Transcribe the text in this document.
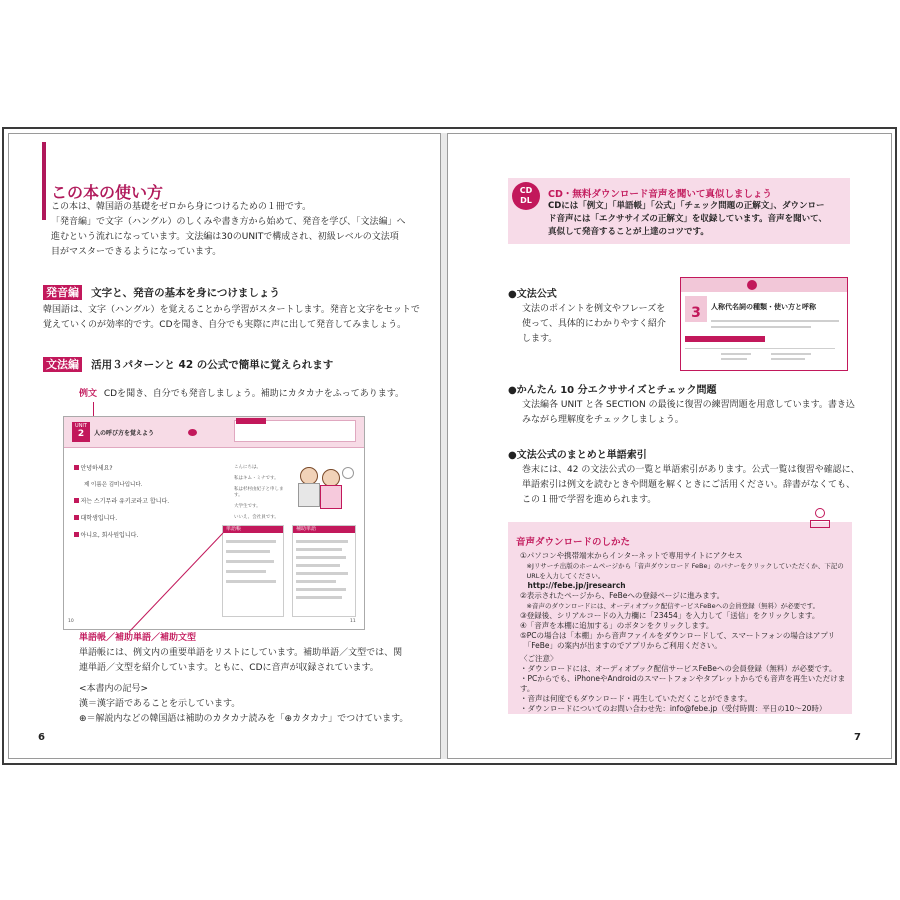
この本の使い方
この本は、韓国語の基礎をゼロから身につけるための１冊です。
「発音編」で文字（ハングル）のしくみや書き方から始めて、発音を学び、「文法編」へ
進むという流れになっています。文法編は30のUNITで構成され、初級レベルの文法項
目がマスターできるようになっています。
発音編 文字と、発音の基本を身につけましょう
韓国語は、文字（ハングル）を覚えることから学習がスタートします。発音と文字をセットで
覚えていくのが効率的です。CDを聞き、自分でも実際に声に出して発音してみましょう。
文法編 活用３パターンと 42 の公式で簡単に覚えられます
例文 CDを聞き、自分でも発音しましょう。補助にカタカナをふってあります。
UNIT
2	人の呼び方を覚えよう
안녕하세요?
제 이름은 김미나입니다.
저는 스기무라 유키코라고 합니다.
대학생입니다.
아니요, 회사원입니다.
こんにちは。
私はキム・ミナです。
私は杉村由紀子と申します。
大学生です。
いいえ、会社員です。
単語帳	補助単語
10	11
単語帳／補助単語／補助文型
単語帳には、例文内の重要単語をリストにしています。補助単語／文型では、関
連単語／文型を紹介しています。ともに、CDに音声が収録されています。
<本書内の記号>
漢＝漢字語であることを示しています。
⊕＝解説内などの韓国語は補助のカタカナ読みを「⊕カタカナ」でつけています。
6
CD
DL
CD・無料ダウンロード音声を聞いて真似しましょう
CDには「例文」「単語帳」「公式」「チェック問題の正解文」、ダウンロー
ド音声には「エクササイズの正解文」を収録しています。音声を聞いて、
真似して発音することが上達のコツです。
●文法公式
文法のポイントを例文やフレーズを
使って、具体的にわかりやすく紹介
します。
3	人称代名詞の種類・使い方と呼称
●かんたん 10 分エクササイズとチェック問題
文法編各 UNIT と各 SECTION の最後に復習の練習問題を用意しています。書き込
みながら理解度をチェックしましょう。
●文法公式のまとめと単語索引
巻末には、42 の文法公式の一覧と単語索引があります。公式一覧は復習や確認に、
単語索引は例文を読むときや問題を解くときにご活用ください。辞書がなくても、
この１冊で学習を進められます。
音声ダウンロードのしかた
①パソコンや携帯端末からインターネットで専用サイトにアクセス
　※Jリサーチ出版のホームページから「音声ダウンロード FeBe」のバナーをクリックしていただくか、下記の
　URLを入力してください。
　http://febe.jp/jresearch
②表示されたページから、FeBeへの登録ページに進みます。
　※音声のダウンロードには、オーディオブック配信サービスFeBeへの会員登録（無料）が必要です。
③登録後、シリアルコードの入力欄に「23454」を入力して「送信」をクリックします。
④「音声を本棚に追加する」のボタンをクリックします。
⑤PCの場合は「本棚」から音声ファイルをダウンロードして、スマートフォンの場合はアプリ
　「FeBe」の案内が出ますのでアプリからご利用ください。
〈ご注意〉
・ダウンロードには、オーディオブック配信サービスFeBeへの会員登録（無料）が必要です。
・PCからでも、iPhoneやAndroidのスマートフォンやタブレットからでも音声を再生いただけます。
・音声は何度でもダウンロード・再生していただくことができます。
・ダウンロードについてのお問い合わせ先：info@febe.jp（受付時間：平日の10～20時）
7
